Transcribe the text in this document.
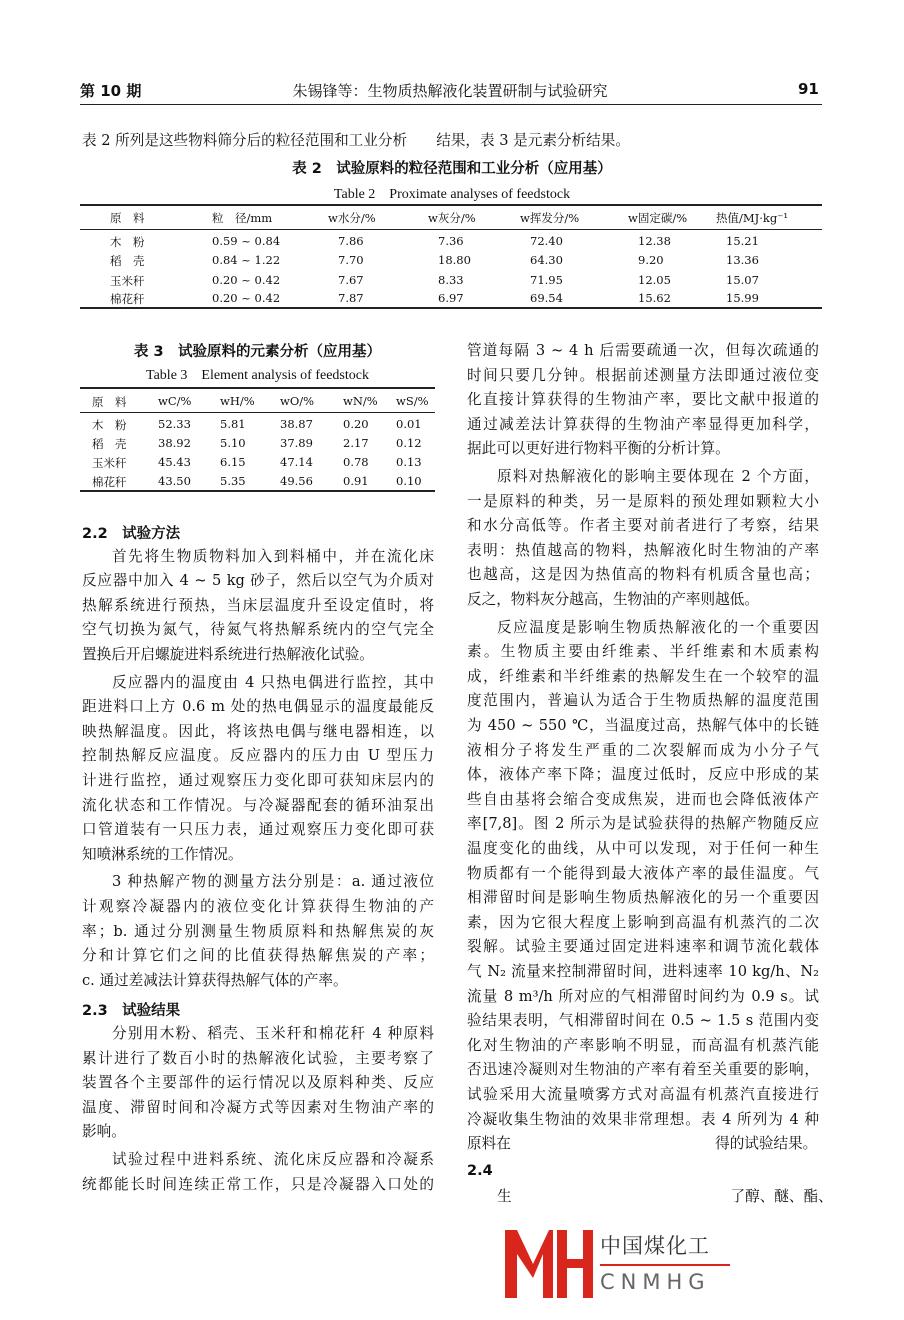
第 10 期	朱锡锋等：生物质热解液化装置研制与试验研究	91
表 2 所列是这些物料筛分后的粒径范围和工业分析　　结果，表 3 是元素分析结果。
表 2　试验原料的粒径范围和工业分析（应用基）
Table 2　Proximate analyses of feedstock
表 3　试验原料的元素分析（应用基）
Table 3　Element analysis of feedstock
中国煤化工
CNMHG
原　料	粒　径/mm	w水分/%	w灰分/%	w挥发分/%	w固定碳/%	热值/MJ·kg⁻¹
木　粉	0.59 ~ 0.84	7.86	7.36	72.40	12.38	15.21
稻　壳	0.84 ~ 1.22	7.70	18.80	64.30	9.20	13.36
玉米秆	0.20 ~ 0.42	7.67	8.33	71.95	12.05	15.07
棉花秆	0.20 ~ 0.42	7.87	6.97	69.54	15.62	15.99
原　料	wC/% wH/% wO/%	wN/% wS/%
木　粉	52.33	5.81	38.87	0.20 0.01
稻　壳	38.92	5.10	37.89	2.17 0.12
玉米秆	45.43	6.15	47.14	0.78 0.13
棉花秆	43.50	5.35	49.56	0.91 0.10
2.2　试验方法
首先将生物质物料加入到料桶中，并在流化床
反应器中加入 4 ~ 5 kg 砂子，然后以空气为介质对
热解系统进行预热，当床层温度升至设定值时，将
空气切换为氮气，待氮气将热解系统内的空气完全
置换后开启螺旋进料系统进行热解液化试验。
反应器内的温度由 4 只热电偶进行监控，其中
距进料口上方 0.6 m 处的热电偶显示的温度最能反
映热解温度。因此，将该热电偶与继电器相连，以
控制热解反应温度。反应器内的压力由 U 型压力
计进行监控，通过观察压力变化即可获知床层内的
流化状态和工作情况。与冷凝器配套的循环油泵出
口管道装有一只压力表，通过观察压力变化即可获
知喷淋系统的工作情况。
3 种热解产物的测量方法分别是：a. 通过液位
计观察冷凝器内的液位变化计算获得生物油的产
率；b. 通过分别测量生物质原料和热解焦炭的灰
分和计算它们之间的比值获得热解焦炭的产率；
c. 通过差减法计算获得热解气体的产率。
2.3　试验结果
分别用木粉、稻壳、玉米秆和棉花秆 4 种原料
累计进行了数百小时的热解液化试验，主要考察了
装置各个主要部件的运行情况以及原料种类、反应
温度、滞留时间和冷凝方式等因素对生物油产率的
影响。
试验过程中进料系统、流化床反应器和冷凝系
统都能长时间连续正常工作，只是冷凝器入口处的
管道每隔 3 ~ 4 h 后需要疏通一次，但每次疏通的
时间只要几分钟。根据前述测量方法即通过液位变
化直接计算获得的生物油产率，要比文献中报道的
通过减差法计算获得的生物油产率显得更加科学，
据此可以更好进行物料平衡的分析计算。
原料对热解液化的影响主要体现在 2 个方面，
一是原料的种类，另一是原料的预处理如颗粒大小
和水分高低等。作者主要对前者进行了考察，结果
表明：热值越高的物料，热解液化时生物油的产率
也越高，这是因为热值高的物料有机质含量也高；
反之，物料灰分越高，生物油的产率则越低。
反应温度是影响生物质热解液化的一个重要因
素。生物质主要由纤维素、半纤维素和木质素构
成，纤维素和半纤维素的热解发生在一个较窄的温
度范围内，普遍认为适合于生物质热解的温度范围
为 450 ~ 550 ℃，当温度过高，热解气体中的长链
液相分子将发生严重的二次裂解而成为小分子气
体，液体产率下降；温度过低时，反应中形成的某
些自由基将会缩合变成焦炭，进而也会降低液体产
率[7,8]。图 2 所示为是试验获得的热解产物随反应
温度变化的曲线，从中可以发现，对于任何一种生
物质都有一个能得到最大液体产率的最佳温度。气
相滞留时间是影响生物质热解液化的另一个重要因
素，因为它很大程度上影响到高温有机蒸汽的二次
裂解。试验主要通过固定进料速率和调节流化载体
气 N₂ 流量来控制滞留时间，进料速率 10 kg/h、N₂
流量 8 m³/h 所对应的气相滞留时间约为 0.9 s。试
验结果表明，气相滞留时间在 0.5 ~ 1.5 s 范围内变
化对生物油的产率影响不明显，而高温有机蒸汽能
否迅速冷凝则对生物油的产率有着至关重要的影响，
试验采用大流量喷雾方式对高温有机蒸汽直接进行
冷凝收集生物油的效果非常理想。表 4 所列为 4 种
原料在　　　　　　　　　　　　　　得的试验结果。
2.4
生　　　　　　　　　　　　　　　了醇、醚、酯、
